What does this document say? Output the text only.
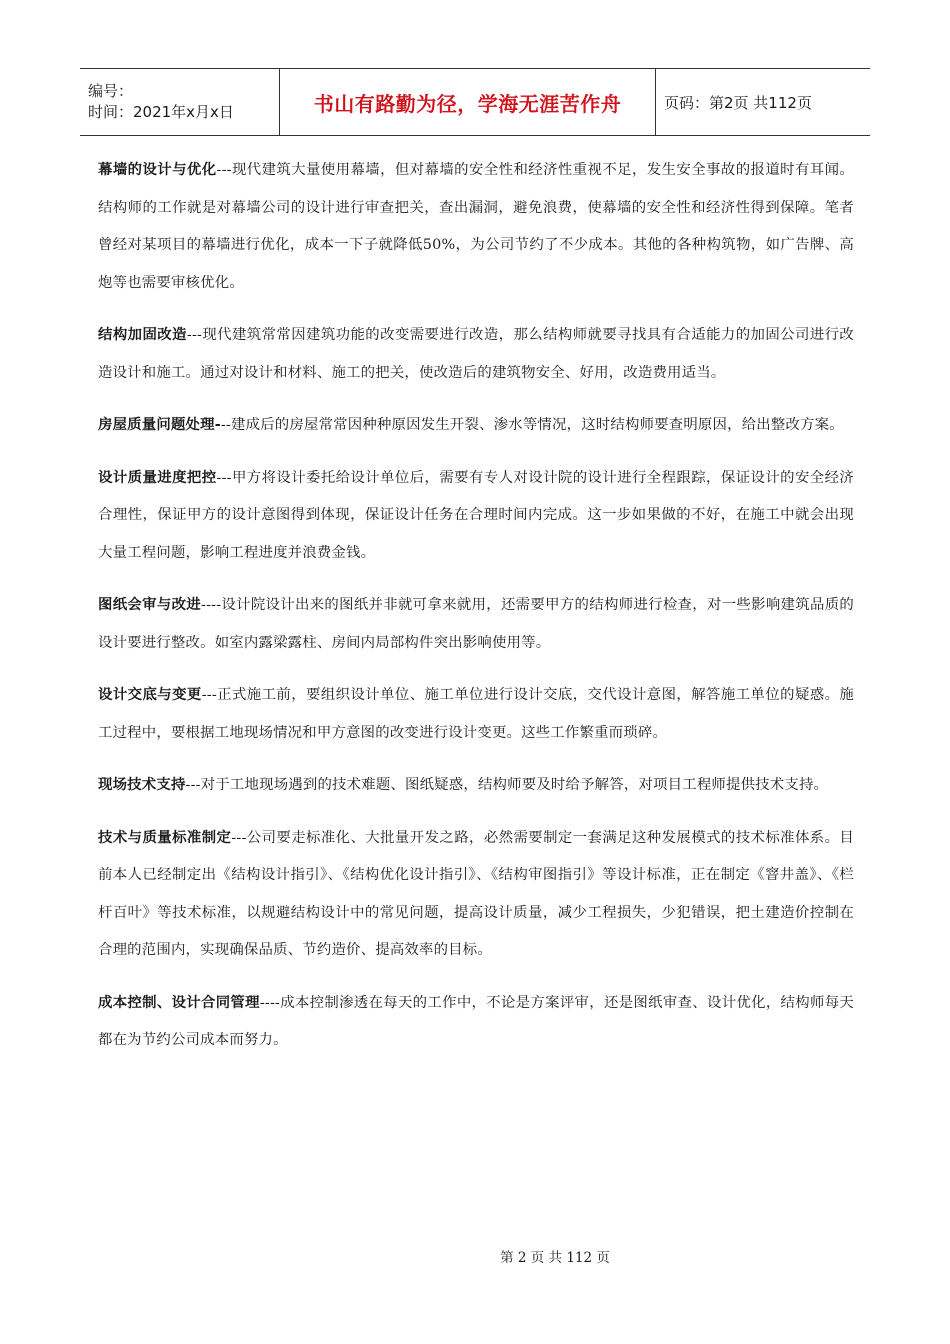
编号：
时间：2021年x月x日	书山有路勤为径，学海无涯苦作舟	页码：第2页 共112页

幕墙的设计与优化---现代建筑大量使用幕墙，但对幕墙的安全性和经济性重视不足，发生安全事故的报道时有耳闻。结构师的工作就是对幕墙公司的设计进行审查把关，查出漏洞，避免浪费，使幕墙的安全性和经济性得到保障。笔者曾经对某项目的幕墙进行优化，成本一下子就降低50%，为公司节约了不少成本。其他的各种构筑物，如广告牌、高炮等也需要审核优化。

结构加固改造---现代建筑常常因建筑功能的改变需要进行改造，那么结构师就要寻找具有合适能力的加固公司进行改造设计和施工。通过对设计和材料、施工的把关，使改造后的建筑物安全、好用，改造费用适当。

房屋质量问题处理---建成后的房屋常常因种种原因发生开裂、渗水等情况，这时结构师要查明原因，给出整改方案。

设计质量进度把控---甲方将设计委托给设计单位后，需要有专人对设计院的设计进行全程跟踪，保证设计的安全经济合理性，保证甲方的设计意图得到体现，保证设计任务在合理时间内完成。这一步如果做的不好，在施工中就会出现大量工程问题，影响工程进度并浪费金钱。

图纸会审与改进----设计院设计出来的图纸并非就可拿来就用，还需要甲方的结构师进行检查，对一些影响建筑品质的设计要进行整改。如室内露梁露柱、房间内局部构件突出影响使用等。

设计交底与变更---正式施工前，要组织设计单位、施工单位进行设计交底，交代设计意图，解答施工单位的疑惑。施工过程中，要根据工地现场情况和甲方意图的改变进行设计变更。这些工作繁重而琐碎。

现场技术支持---对于工地现场遇到的技术难题、图纸疑惑，结构师要及时给予解答，对项目工程师提供技术支持。

技术与质量标准制定---公司要走标准化、大批量开发之路，必然需要制定一套满足这种发展模式的技术标准体系。目前本人已经制定出《结构设计指引》、《结构优化设计指引》、《结构审图指引》等设计标准，正在制定《窨井盖》、《栏杆百叶》等技术标准，以规避结构设计中的常见问题，提高设计质量，减少工程损失，少犯错误，把土建造价控制在合理的范围内，实现确保品质、节约造价、提高效率的目标。

成本控制、设计合同管理----成本控制渗透在每天的工作中，不论是方案评审，还是图纸审查、设计优化，结构师每天都在为节约公司成本而努力。

第 2 页 共 112 页
